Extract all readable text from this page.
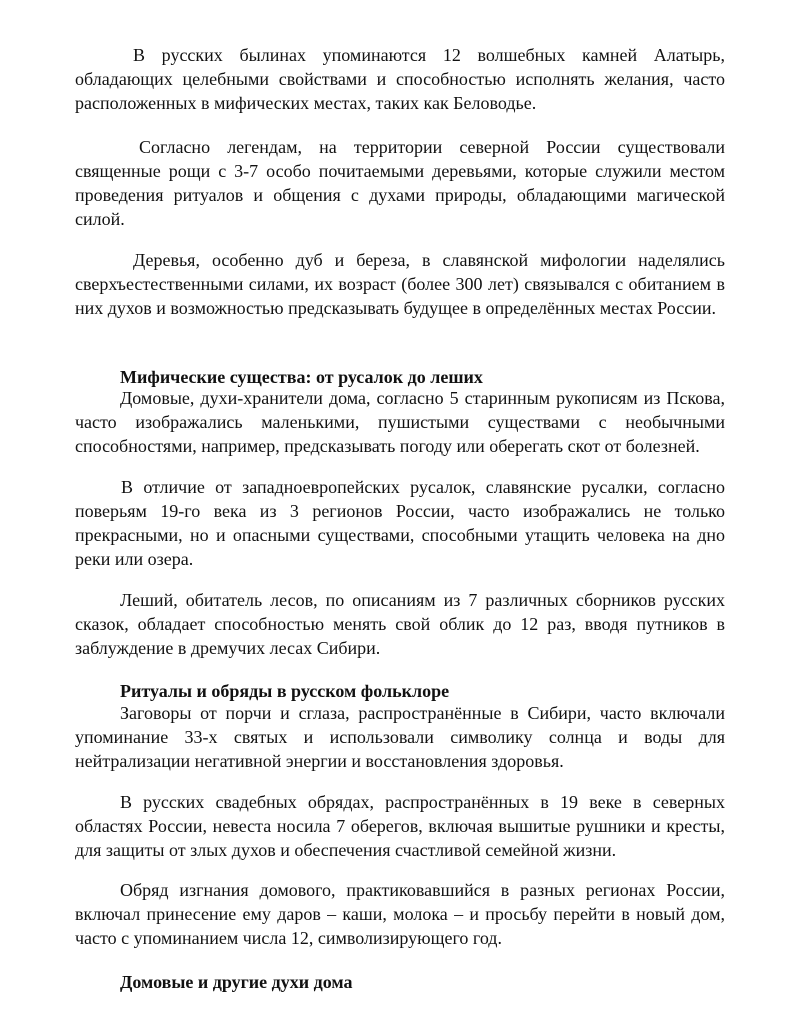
В русских былинах упоминаются 12 волшебных камней Алатырь, обладающих целебными свойствами и способностью исполнять желания, часто расположенных в мифических местах, таких как Беловодье.

Согласно легендам, на территории северной России существовали священные рощи с 3-7 особо почитаемыми деревьями, которые служили местом проведения ритуалов и общения с духами природы, обладающими магической силой.

Деревья, особенно дуб и береза, в славянской мифологии наделялись сверхъестественными силами, их возраст (более 300 лет) связывался с обитанием в них духов и возможностью предсказывать будущее в определённых местах России.

Мифические существа: от русалок до леших

Домовые, духи-хранители дома, согласно 5 старинным рукописям из Пскова, часто изображались маленькими, пушистыми существами с необычными способностями, например, предсказывать погоду или оберегать скот от болезней.

В отличие от западноевропейских русалок, славянские русалки, согласно поверьям 19-го века из 3 регионов России, часто изображались не только прекрасными, но и опасными существами, способными утащить человека на дно реки или озера.

Леший, обитатель лесов, по описаниям из 7 различных сборников русских сказок, обладает способностью менять свой облик до 12 раз, вводя путников в заблуждение в дремучих лесах Сибири.

Ритуалы и обряды в русском фольклоре

Заговоры от порчи и сглаза, распространённые в Сибири, часто включали упоминание 33-х святых и использовали символику солнца и воды для нейтрализации негативной энергии и восстановления здоровья.

В русских свадебных обрядах, распространённых в 19 веке в северных областях России, невеста носила 7 оберегов, включая вышитые рушники и кресты, для защиты от злых духов и обеспечения счастливой семейной жизни.

Обряд изгнания домового, практиковавшийся в разных регионах России, включал принесение ему даров – каши, молока – и просьбу перейти в новый дом, часто с упоминанием числа 12, символизирующего год.

Домовые и другие духи дома
